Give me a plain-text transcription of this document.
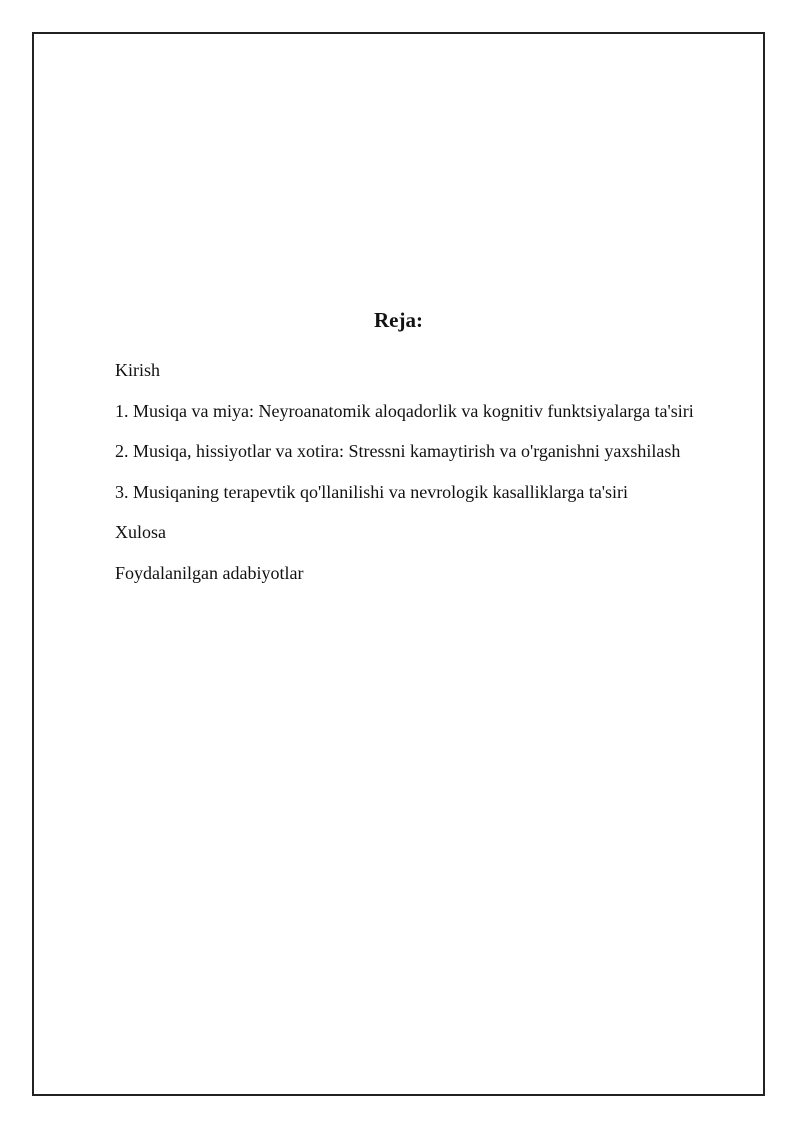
Reja:
Kirish
1. Musiqa va miya: Neyroanatomik aloqadorlik va kognitiv funktsiyalarga ta'siri
2. Musiqa, hissiyotlar va xotira: Stressni kamaytirish va o'rganishni yaxshilash
3. Musiqaning terapevtik qo'llanilishi va nevrologik kasalliklarga ta'siri
Xulosa
Foydalanilgan adabiyotlar
